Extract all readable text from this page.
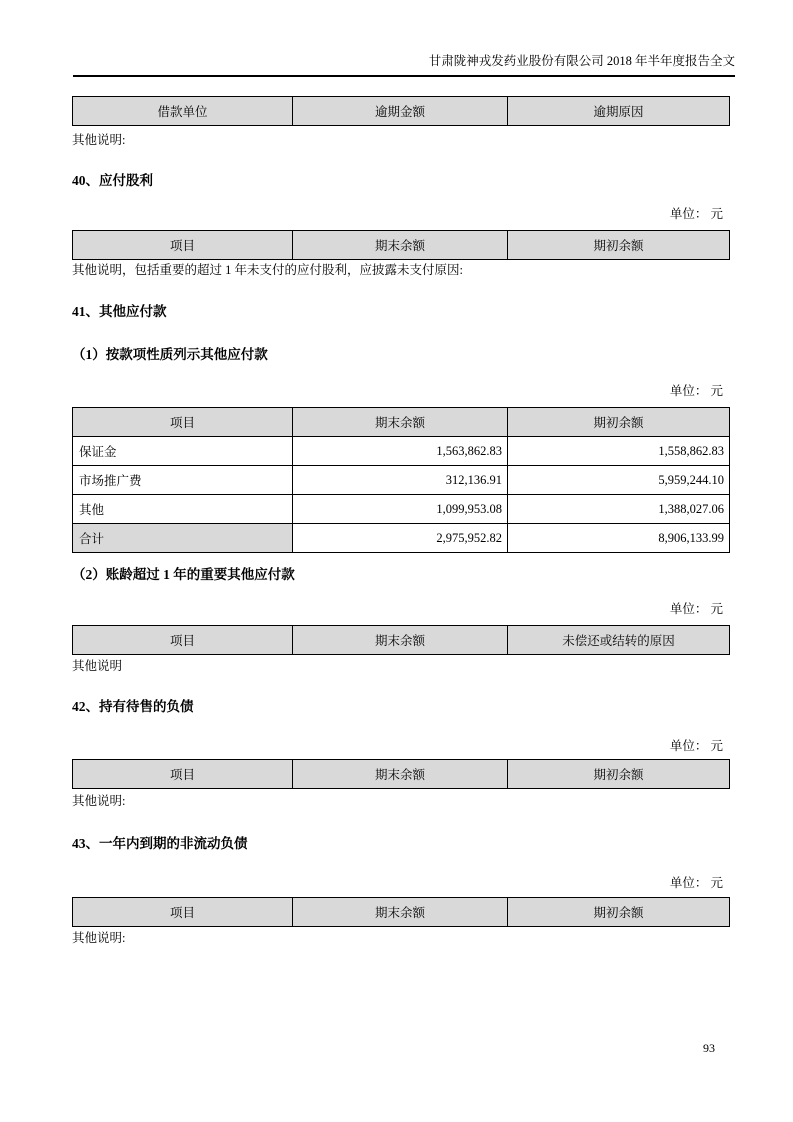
甘肃陇神戎发药业股份有限公司 2018 年半年度报告全文
借款单位	逾期金额	逾期原因
其他说明:
40、应付股利
单位： 元
项目	期末余额	期初余额
其他说明，包括重要的超过 1 年未支付的应付股利，应披露未支付原因:
41、其他应付款
（1）按款项性质列示其他应付款
单位： 元
项目	期末余额	期初余额
保证金	1,563,862.83	1,558,862.83
市场推广费	312,136.91	5,959,244.10
其他	1,099,953.08	1,388,027.06
合计	2,975,952.82	8,906,133.99
（2）账龄超过 1 年的重要其他应付款
单位： 元
项目	期末余额	未偿还或结转的原因
其他说明
42、持有待售的负债
单位： 元
项目	期末余额	期初余额
其他说明:
43、一年内到期的非流动负债
单位： 元
项目	期末余额	期初余额
其他说明:
93
